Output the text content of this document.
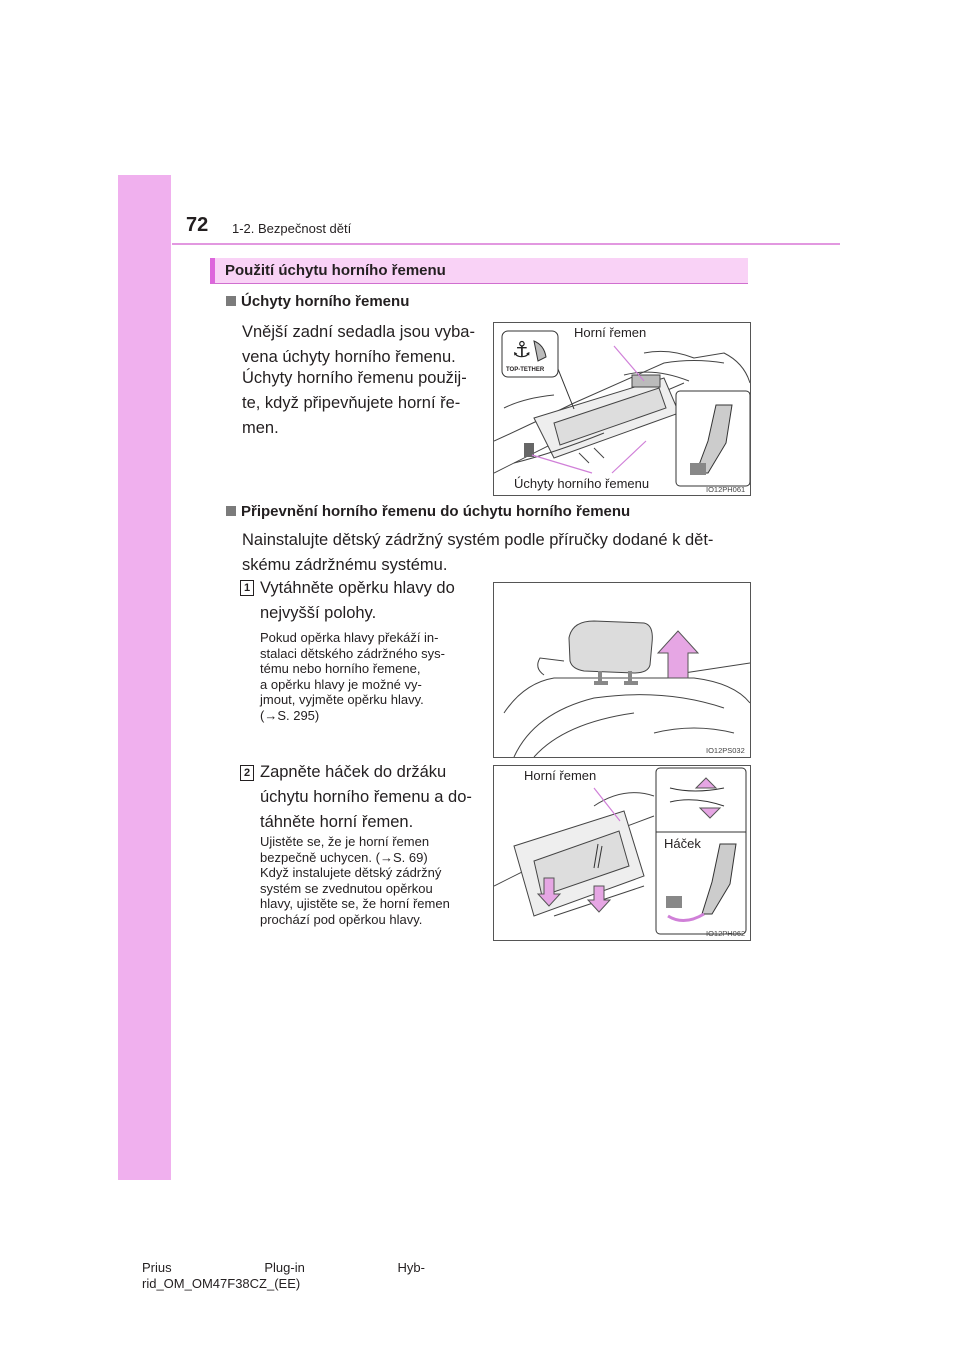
72 1-2. Bezpečnost dětí
Použití úchytu horního řemenu
Úchyty horního řemenu
Vnější zadní sedadla jsou vyba-
vena úchyty horního řemenu.
Úchyty horního řemenu použij-
te, když připevňujete horní ře-
men.
⚓
TOP-TETHER
Horní řemen
Úchyty horního řemenu	IO12PH061
Připevnění horního řemenu do úchytu horního řemenu
Nainstalujte dětský zádržný systém podle příručky dodané k dět-
skému zádržnému systému.
1 Vytáhněte opěrku hlavy do
nejvyšší polohy.
Pokud opěrka hlavy překáží in-
stalaci dětského zádržného sys-
tému nebo horního řemene,
a opěrku hlavy je možné vy-
jmout, vyjměte opěrku hlavy.
(→S. 295)
IO12PS032
2 Zapněte háček do držáku
úchytu horního řemenu a do-
táhněte horní řemen.
Ujistěte se, že je horní řemen
bezpečně uchycen. (→S. 69)
Když instalujete dětský zádržný
systém se zvednutou opěrkou
hlavy, ujistěte se, že horní řemen
prochází pod opěrkou hlavy.
Horní řemen
Háček
IO12PH062
Prius	Plug-in	Hyb-
rid_OM_OM47F38CZ_(EE)
